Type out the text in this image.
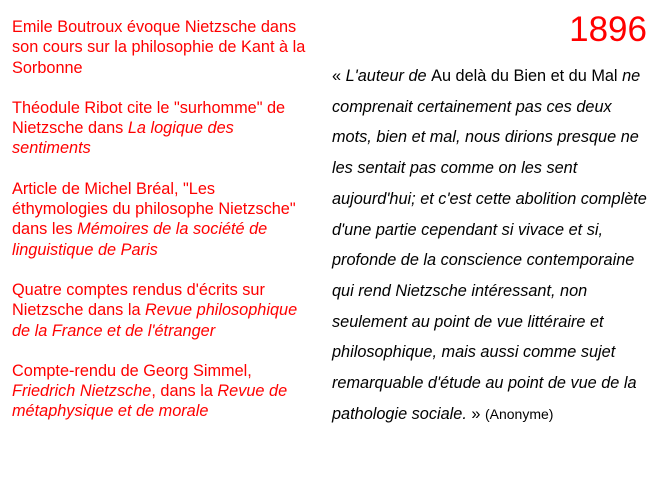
Emile Boutroux évoque Nietzsche dans son cours sur la philosophie de Kant à la Sorbonne
Théodule Ribot cite le "surhomme" de Nietzsche dans La logique des sentiments
Article de Michel Bréal, "Les éthymologies du philosophe Nietzsche" dans les Mémoires de la société de linguistique de Paris
Quatre comptes rendus d'écrits sur Nietzsche dans la Revue philosophique de la France et de l'étranger
Compte-rendu de Georg Simmel, Friedrich Nietzsche, dans la Revue de métaphysique et de morale
1896
« L'auteur de Au delà du Bien et du Mal ne comprenait certainement pas ces deux mots, bien et mal, nous dirions presque ne les sentait pas comme on les sent aujourd'hui; et c'est cette abolition complète d'une partie cependant si vivace et si, profonde de la conscience contemporaine qui rend Nietzsche intéressant, non seulement au point de vue littéraire et philosophique, mais aussi comme sujet remarquable d'étude au point de vue de la pathologie sociale. » (Anonyme)
